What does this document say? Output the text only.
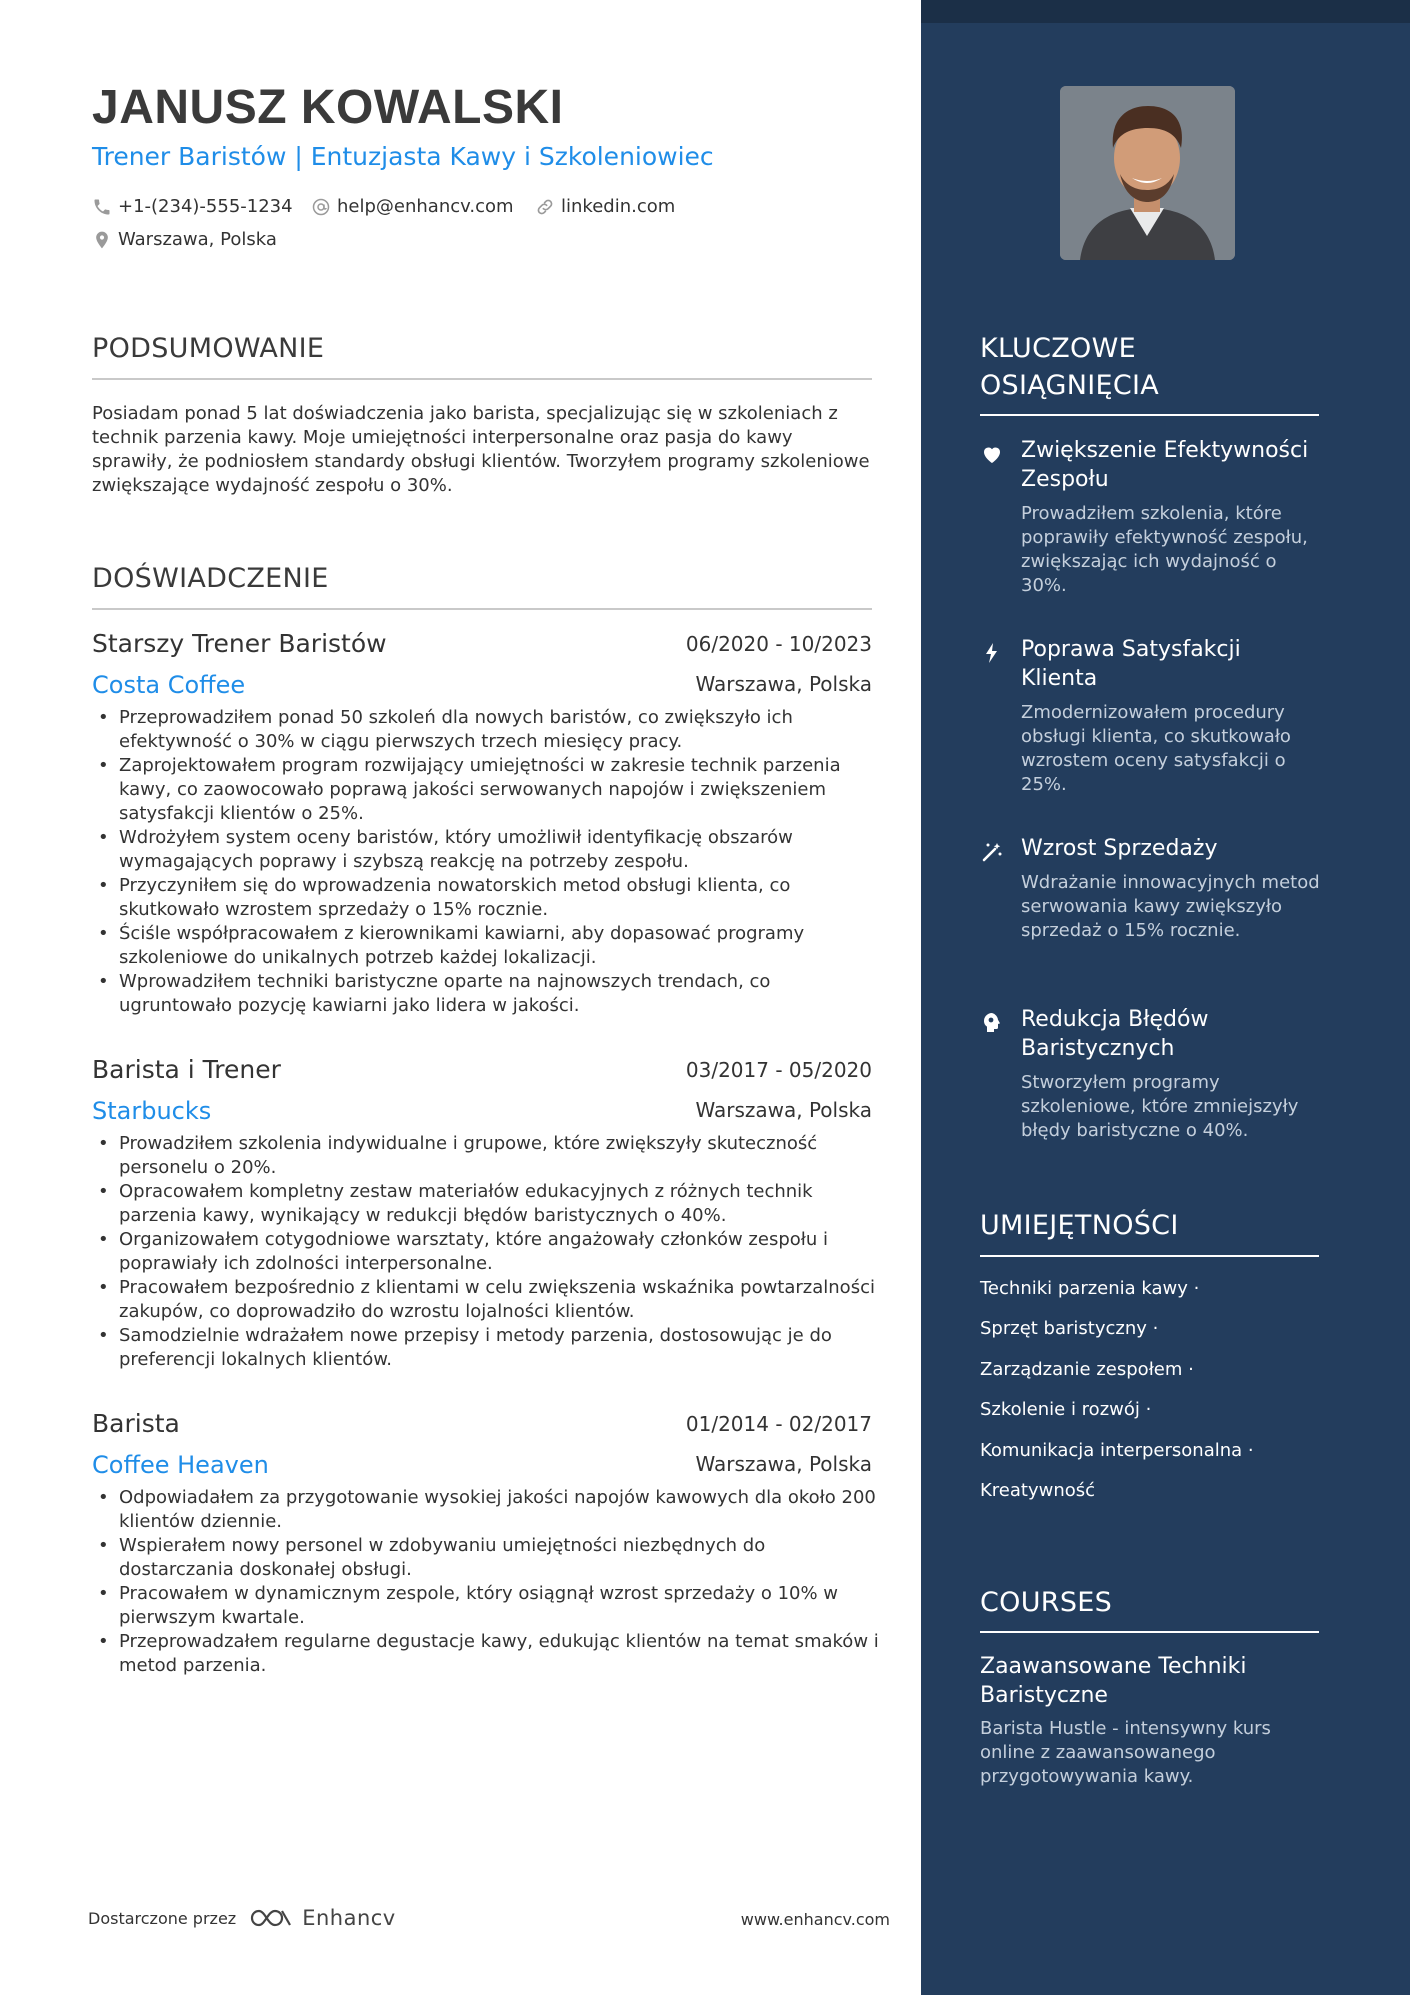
JANUSZ KOWALSKI
Trener Baristów | Entuzjasta Kawy i Szkoleniowiec
+1-(234)-555-1234 help@enhancv.com	linkedin.com
Warszawa, Polska
PODSUMOWANIE
Posiadam ponad 5 lat doświadczenia jako barista, specjalizując się w szkoleniach z technik parzenia kawy. Moje umiejętności interpersonalne oraz pasja do kawy sprawiły, że podniosłem standardy obsługi klientów. Tworzyłem programy szkoleniowe zwiększające wydajność zespołu o 30%.
DOŚWIADCZENIE
Starszy Trener Baristów	06/2020 - 10/2023
Costa Coffee	Warszawa, Polska
• Przeprowadziłem ponad 50 szkoleń dla nowych baristów, co zwiększyło ich efektywność o 30% w ciągu pierwszych trzech miesięcy pracy.
• Zaprojektowałem program rozwijający umiejętności w zakresie technik parzenia kawy, co zaowocowało poprawą jakości serwowanych napojów i zwiększeniem satysfakcji klientów o 25%.
• Wdrożyłem system oceny baristów, który umożliwił identyfikację obszarów wymagających poprawy i szybszą reakcję na potrzeby zespołu.
• Przyczyniłem się do wprowadzenia nowatorskich metod obsługi klienta, co skutkowało wzrostem sprzedaży o 15% rocznie.
• Ściśle współpracowałem z kierownikami kawiarni, aby dopasować programy szkoleniowe do unikalnych potrzeb każdej lokalizacji.
• Wprowadziłem techniki baristyczne oparte na najnowszych trendach, co ugruntowało pozycję kawiarni jako lidera w jakości.
Barista i Trener	03/2017 - 05/2020
Starbucks	Warszawa, Polska
• Prowadziłem szkolenia indywidualne i grupowe, które zwiększyły skuteczność personelu o 20%.
• Opracowałem kompletny zestaw materiałów edukacyjnych z różnych technik parzenia kawy, wynikający w redukcji błędów baristycznych o 40%.
• Organizowałem cotygodniowe warsztaty, które angażowały członków zespołu i poprawiały ich zdolności interpersonalne.
• Pracowałem bezpośrednio z klientami w celu zwiększenia wskaźnika powtarzalności zakupów, co doprowadziło do wzrostu lojalności klientów.
• Samodzielnie wdrażałem nowe przepisy i metody parzenia, dostosowując je do preferencji lokalnych klientów.
Barista	01/2014 - 02/2017
Coffee Heaven	Warszawa, Polska
• Odpowiadałem za przygotowanie wysokiej jakości napojów kawowych dla około 200 klientów dziennie.
• Wspierałem nowy personel w zdobywaniu umiejętności niezbędnych do dostarczania doskonałej obsługi.
• Pracowałem w dynamicznym zespole, który osiągnął wzrost sprzedaży o 10% w pierwszym kwartale.
• Przeprowadzałem regularne degustacje kawy, edukując klientów na temat smaków i metod parzenia.
Dostarczone przez	Enhancv	www.enhancv.com
KLUCZOWE
OSIĄGNIĘCIA
Zwiększenie Efektywności Zespołu
Prowadziłem szkolenia, które poprawiły efektywność zespołu, zwiększając ich wydajność o 30%.
Poprawa Satysfakcji Klienta
Zmodernizowałem procedury obsługi klienta, co skutkowało wzrostem oceny satysfakcji o 25%.
Wzrost Sprzedaży
Wdrażanie innowacyjnych metod serwowania kawy zwiększyło sprzedaż o 15% rocznie.
Redukcja Błędów Baristycznych
Stworzyłem programy szkoleniowe, które zmniejszyły błędy baristyczne o 40%.
UMIEJĘTNOŚCI
Techniki parzenia kawy ·
Sprzęt baristyczny ·
Zarządzanie zespołem ·
Szkolenie i rozwój ·
Komunikacja interpersonalna ·
Kreatywność
COURSES
Zaawansowane Techniki Baristyczne
Barista Hustle - intensywny kurs online z zaawansowanego przygotowywania kawy.
